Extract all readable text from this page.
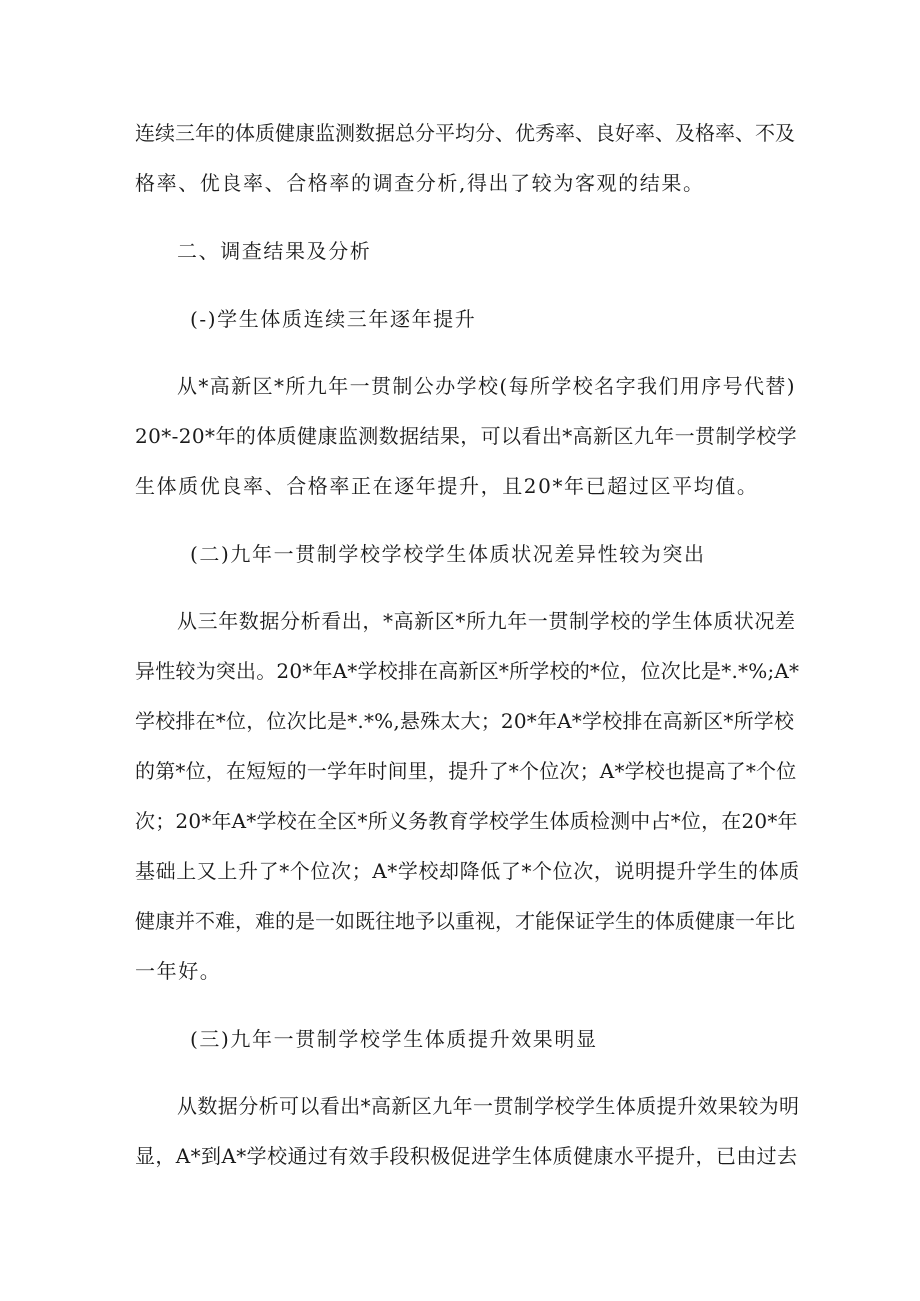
连续三年的体质健康监测数据总分平均分、优秀率、良好率、及格率、不及
格率、优良率、合格率的调查分析,得出了较为客观的结果。
二、调查结果及分析
(-)学生体质连续三年逐年提升
从*高新区*所九年一贯制公办学校(每所学校名字我们用序号代替)
20*-20*年的体质健康监测数据结果，可以看出*高新区九年一贯制学校学
生体质优良率、合格率正在逐年提升，且20*年已超过区平均值。
(二)九年一贯制学校学校学生体质状况差异性较为突出
从三年数据分析看出，*高新区*所九年一贯制学校的学生体质状况差
异性较为突出。20*年A*学校排在高新区*所学校的*位，位次比是*.*%;A*
学校排在*位，位次比是*.*%,悬殊太大；20*年A*学校排在高新区*所学校
的第*位，在短短的一学年时间里，提升了*个位次；A*学校也提高了*个位
次；20*年A*学校在全区*所义务教育学校学生体质检测中占*位，在20*年
基础上又上升了*个位次；A*学校却降低了*个位次，说明提升学生的体质
健康并不难，难的是一如既往地予以重视，才能保证学生的体质健康一年比
一年好。
(三)九年一贯制学校学生体质提升效果明显
从数据分析可以看出*高新区九年一贯制学校学生体质提升效果较为明
显，A*到A*学校通过有效手段积极促进学生体质健康水平提升，已由过去
